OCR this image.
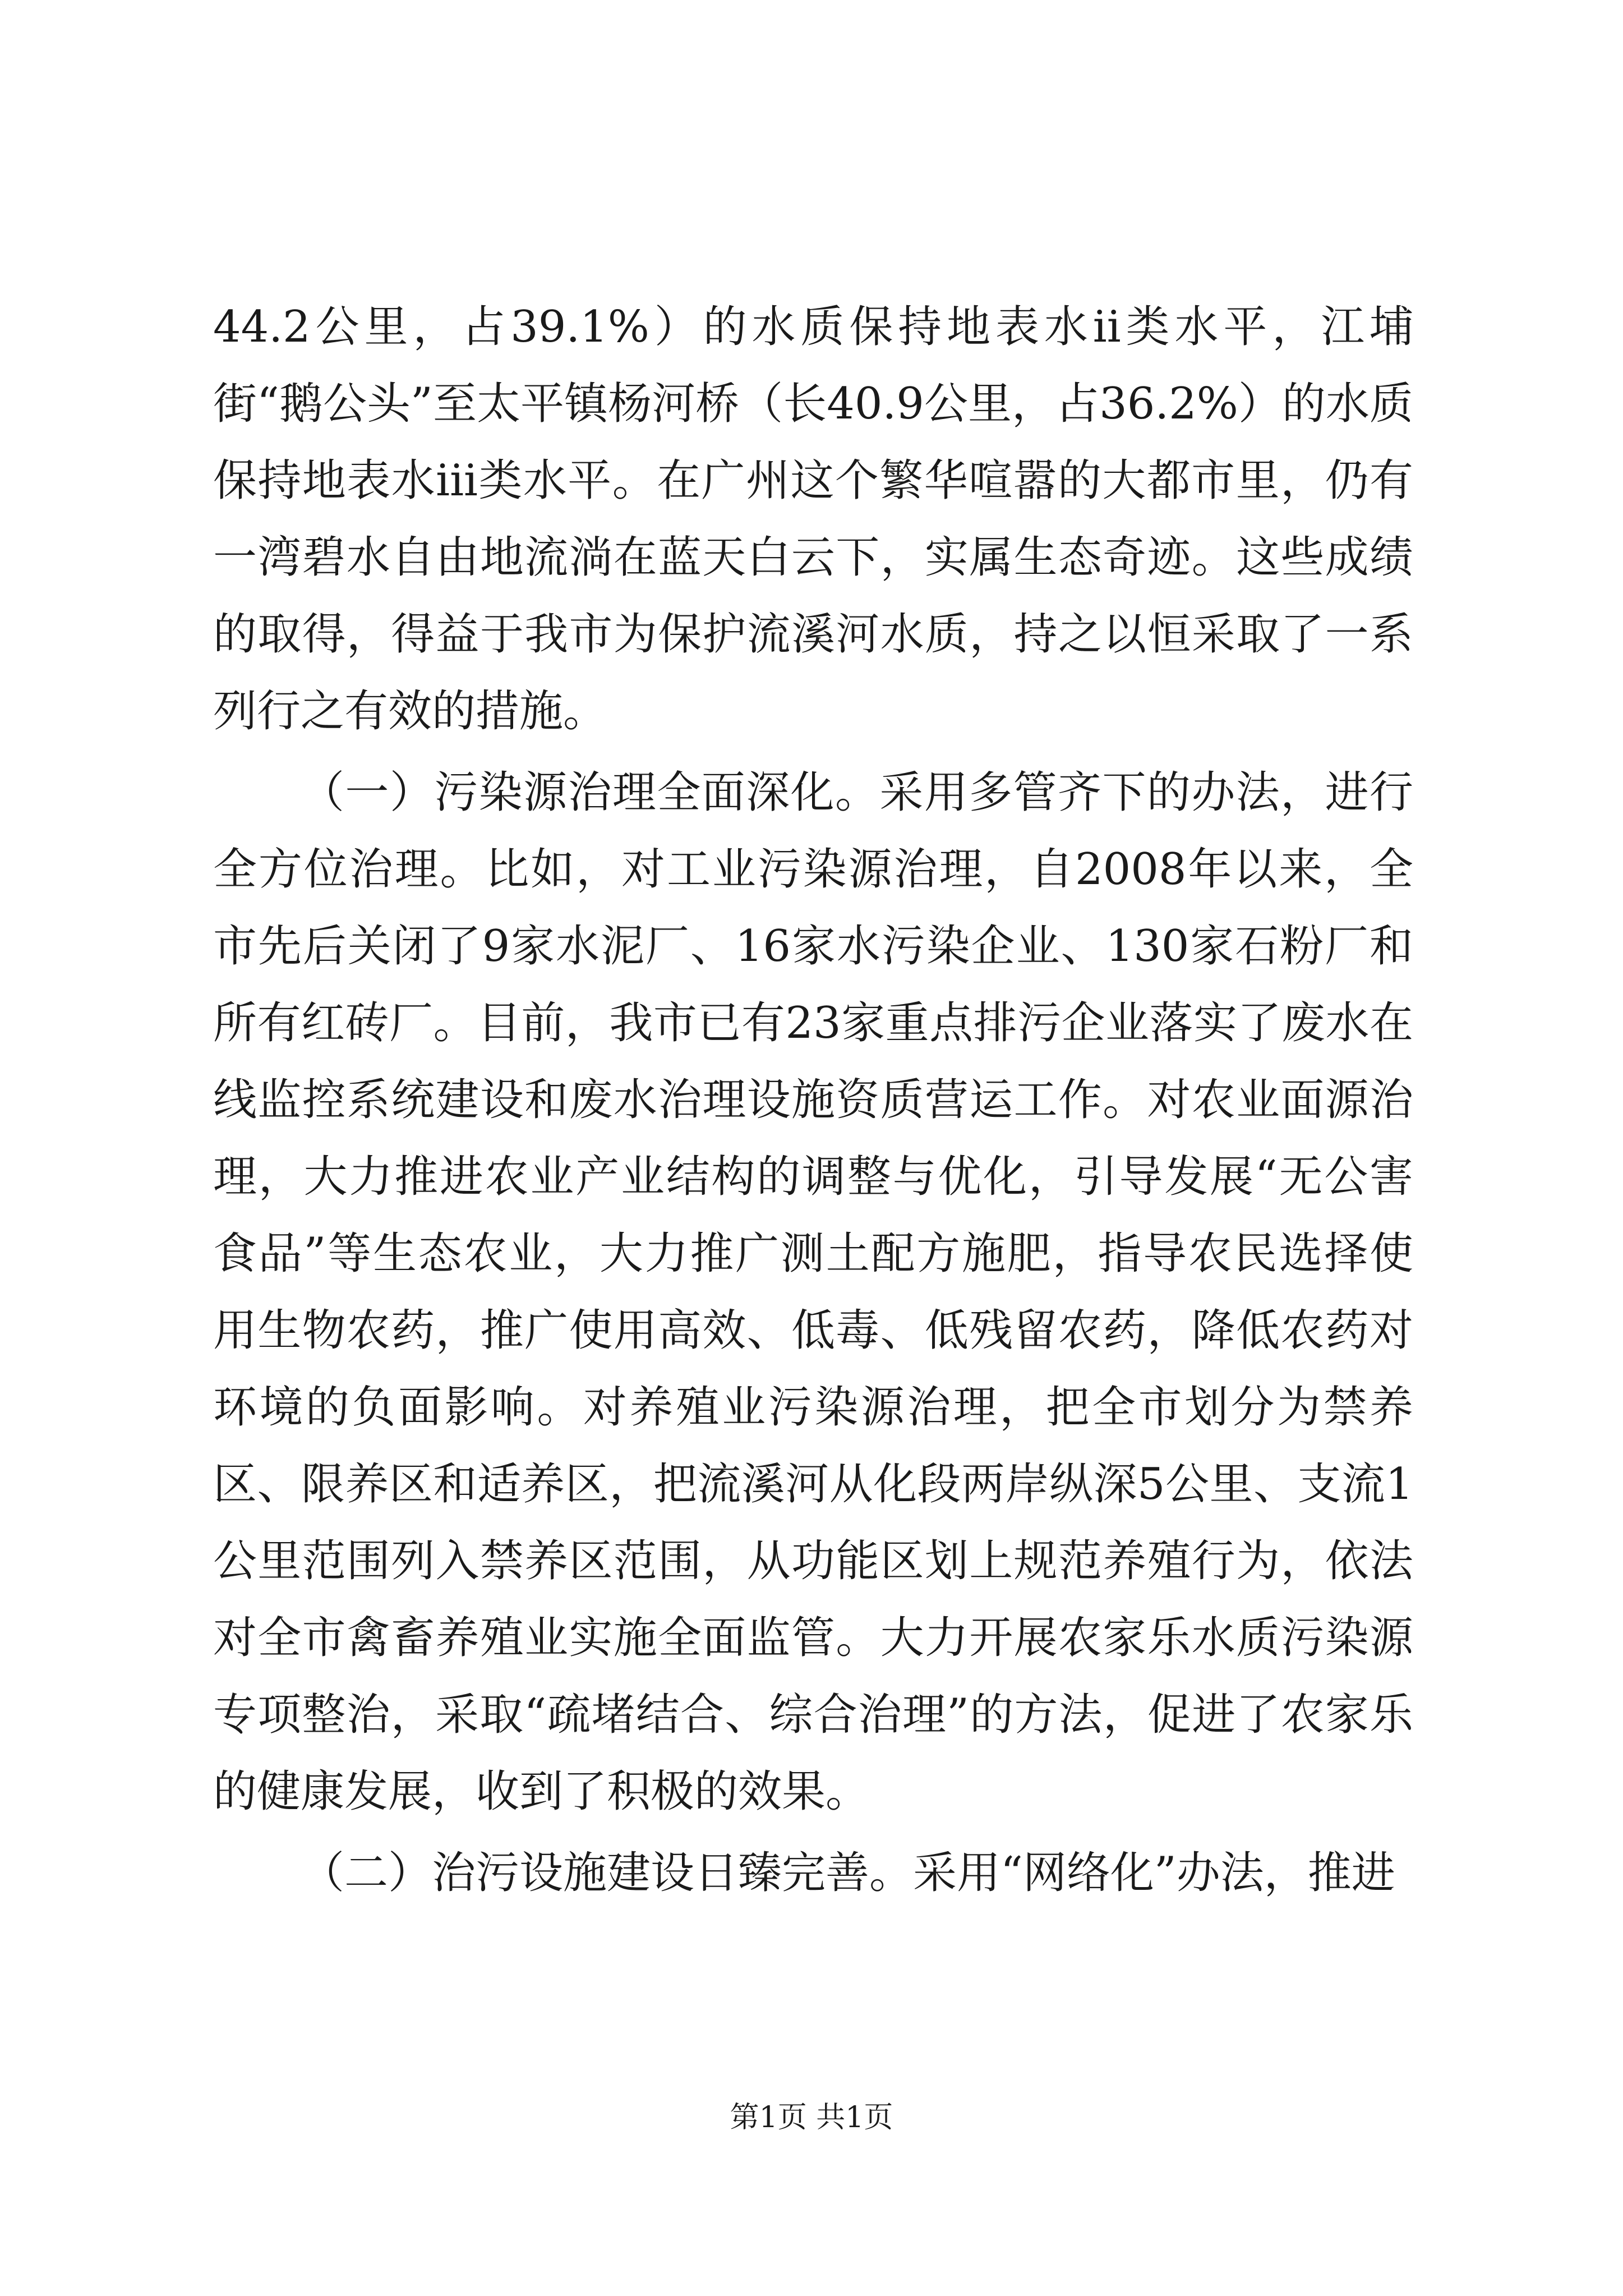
44.2公里，占39.1%）的水质保持地表水ii类水平，江埔街“鹅公头”至太平镇杨河桥（长40.9公里，占36.2%）的水质保持地表水iii类水平。在广州这个繁华喧嚣的大都市里，仍有一湾碧水自由地流淌在蓝天白云下，实属生态奇迹。这些成绩的取得，得益于我市为保护流溪河水质，持之以恒采取了一系列行之有效的措施。

（一）污染源治理全面深化。采用多管齐下的办法，进行全方位治理。比如，对工业污染源治理，自2008年以来，全市先后关闭了9家水泥厂、16家水污染企业、130家石粉厂和所有红砖厂。目前，我市已有23家重点排污企业落实了废水在线监控系统建设和废水治理设施资质营运工作。对农业面源治理，大力推进农业产业结构的调整与优化，引导发展“无公害食品”等生态农业，大力推广测土配方施肥，指导农民选择使用生物农药，推广使用高效、低毒、低残留农药，降低农药对环境的负面影响。对养殖业污染源治理，把全市划分为禁养区、限养区和适养区，把流溪河从化段两岸纵深5公里、支流1公里范围列入禁养区范围，从功能区划上规范养殖行为，依法对全市禽畜养殖业实施全面监管。大力开展农家乐水质污染源专项整治，采取“疏堵结合、综合治理”的方法，促进了农家乐的健康发展，收到了积极的效果。

（二）治污设施建设日臻完善。采用“网络化”办法，推进

第1页 共1页
